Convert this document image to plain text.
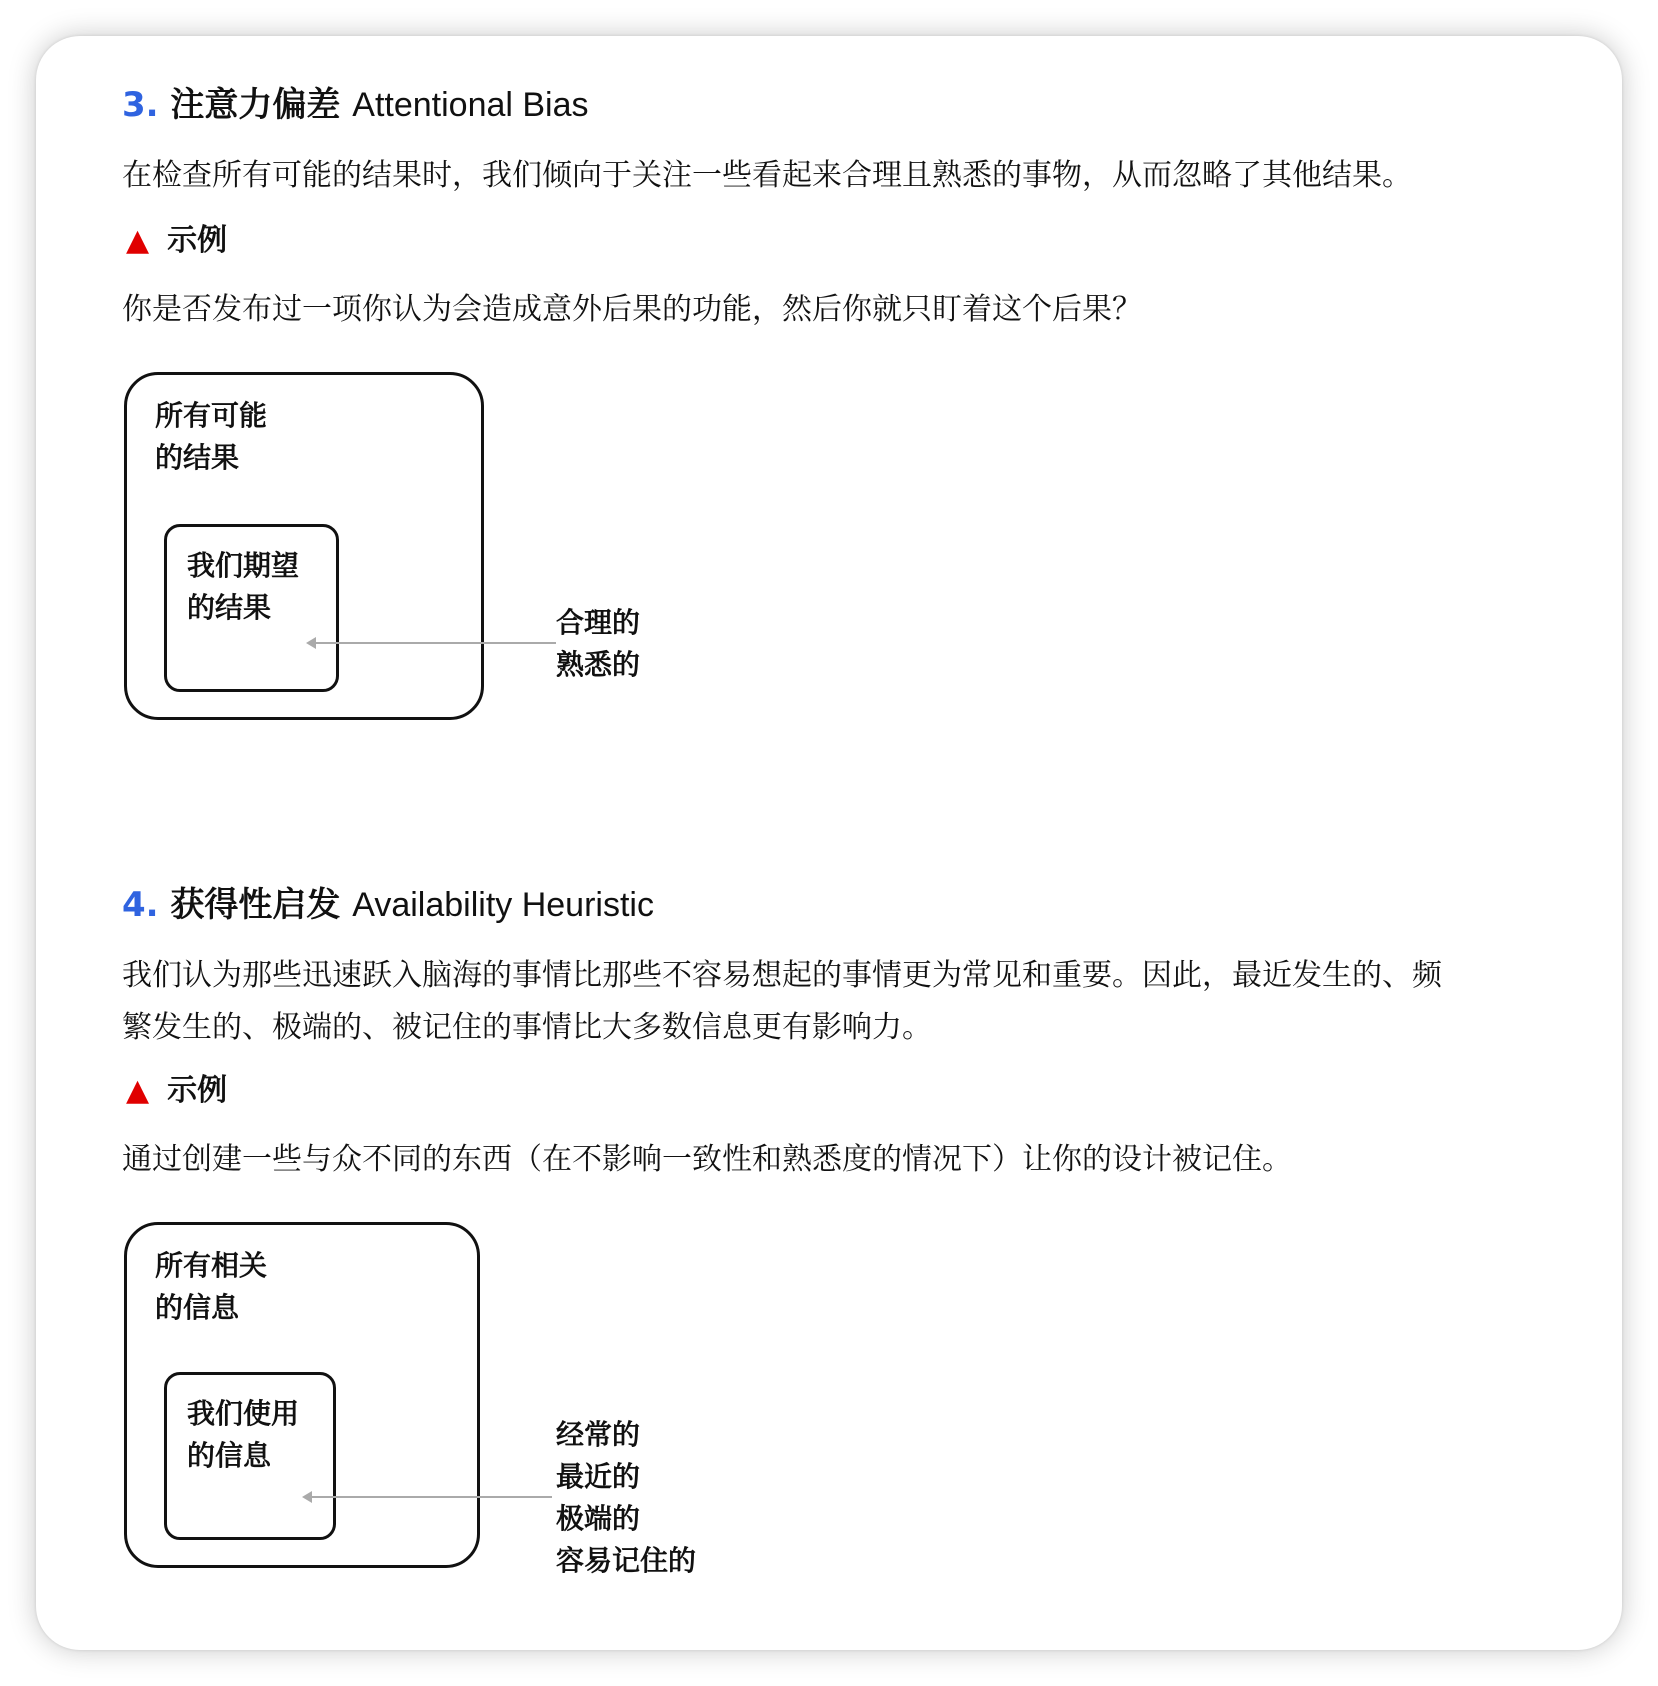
3. 注意力偏差 Attentional Bias
在检查所有可能的结果时，我们倾向于关注一些看起来合理且熟悉的事物，从而忽略了其他结果。
▲ 示例
你是否发布过一项你认为会造成意外后果的功能，然后你就只盯着这个后果？
所有可能
的结果
我们期望
的结果	合理的
熟悉的
4. 获得性启发 Availability Heuristic
我们认为那些迅速跃入脑海的事情比那些不容易想起的事情更为常见和重要。因此，最近发生的、频
繁发生的、极端的、被记住的事情比大多数信息更有影响力。
▲ 示例
通过创建一些与众不同的东西（在不影响一致性和熟悉度的情况下）让你的设计被记住。
所有相关
的信息
我们使用
的信息
经常的
最近的
极端的
容易记住的
